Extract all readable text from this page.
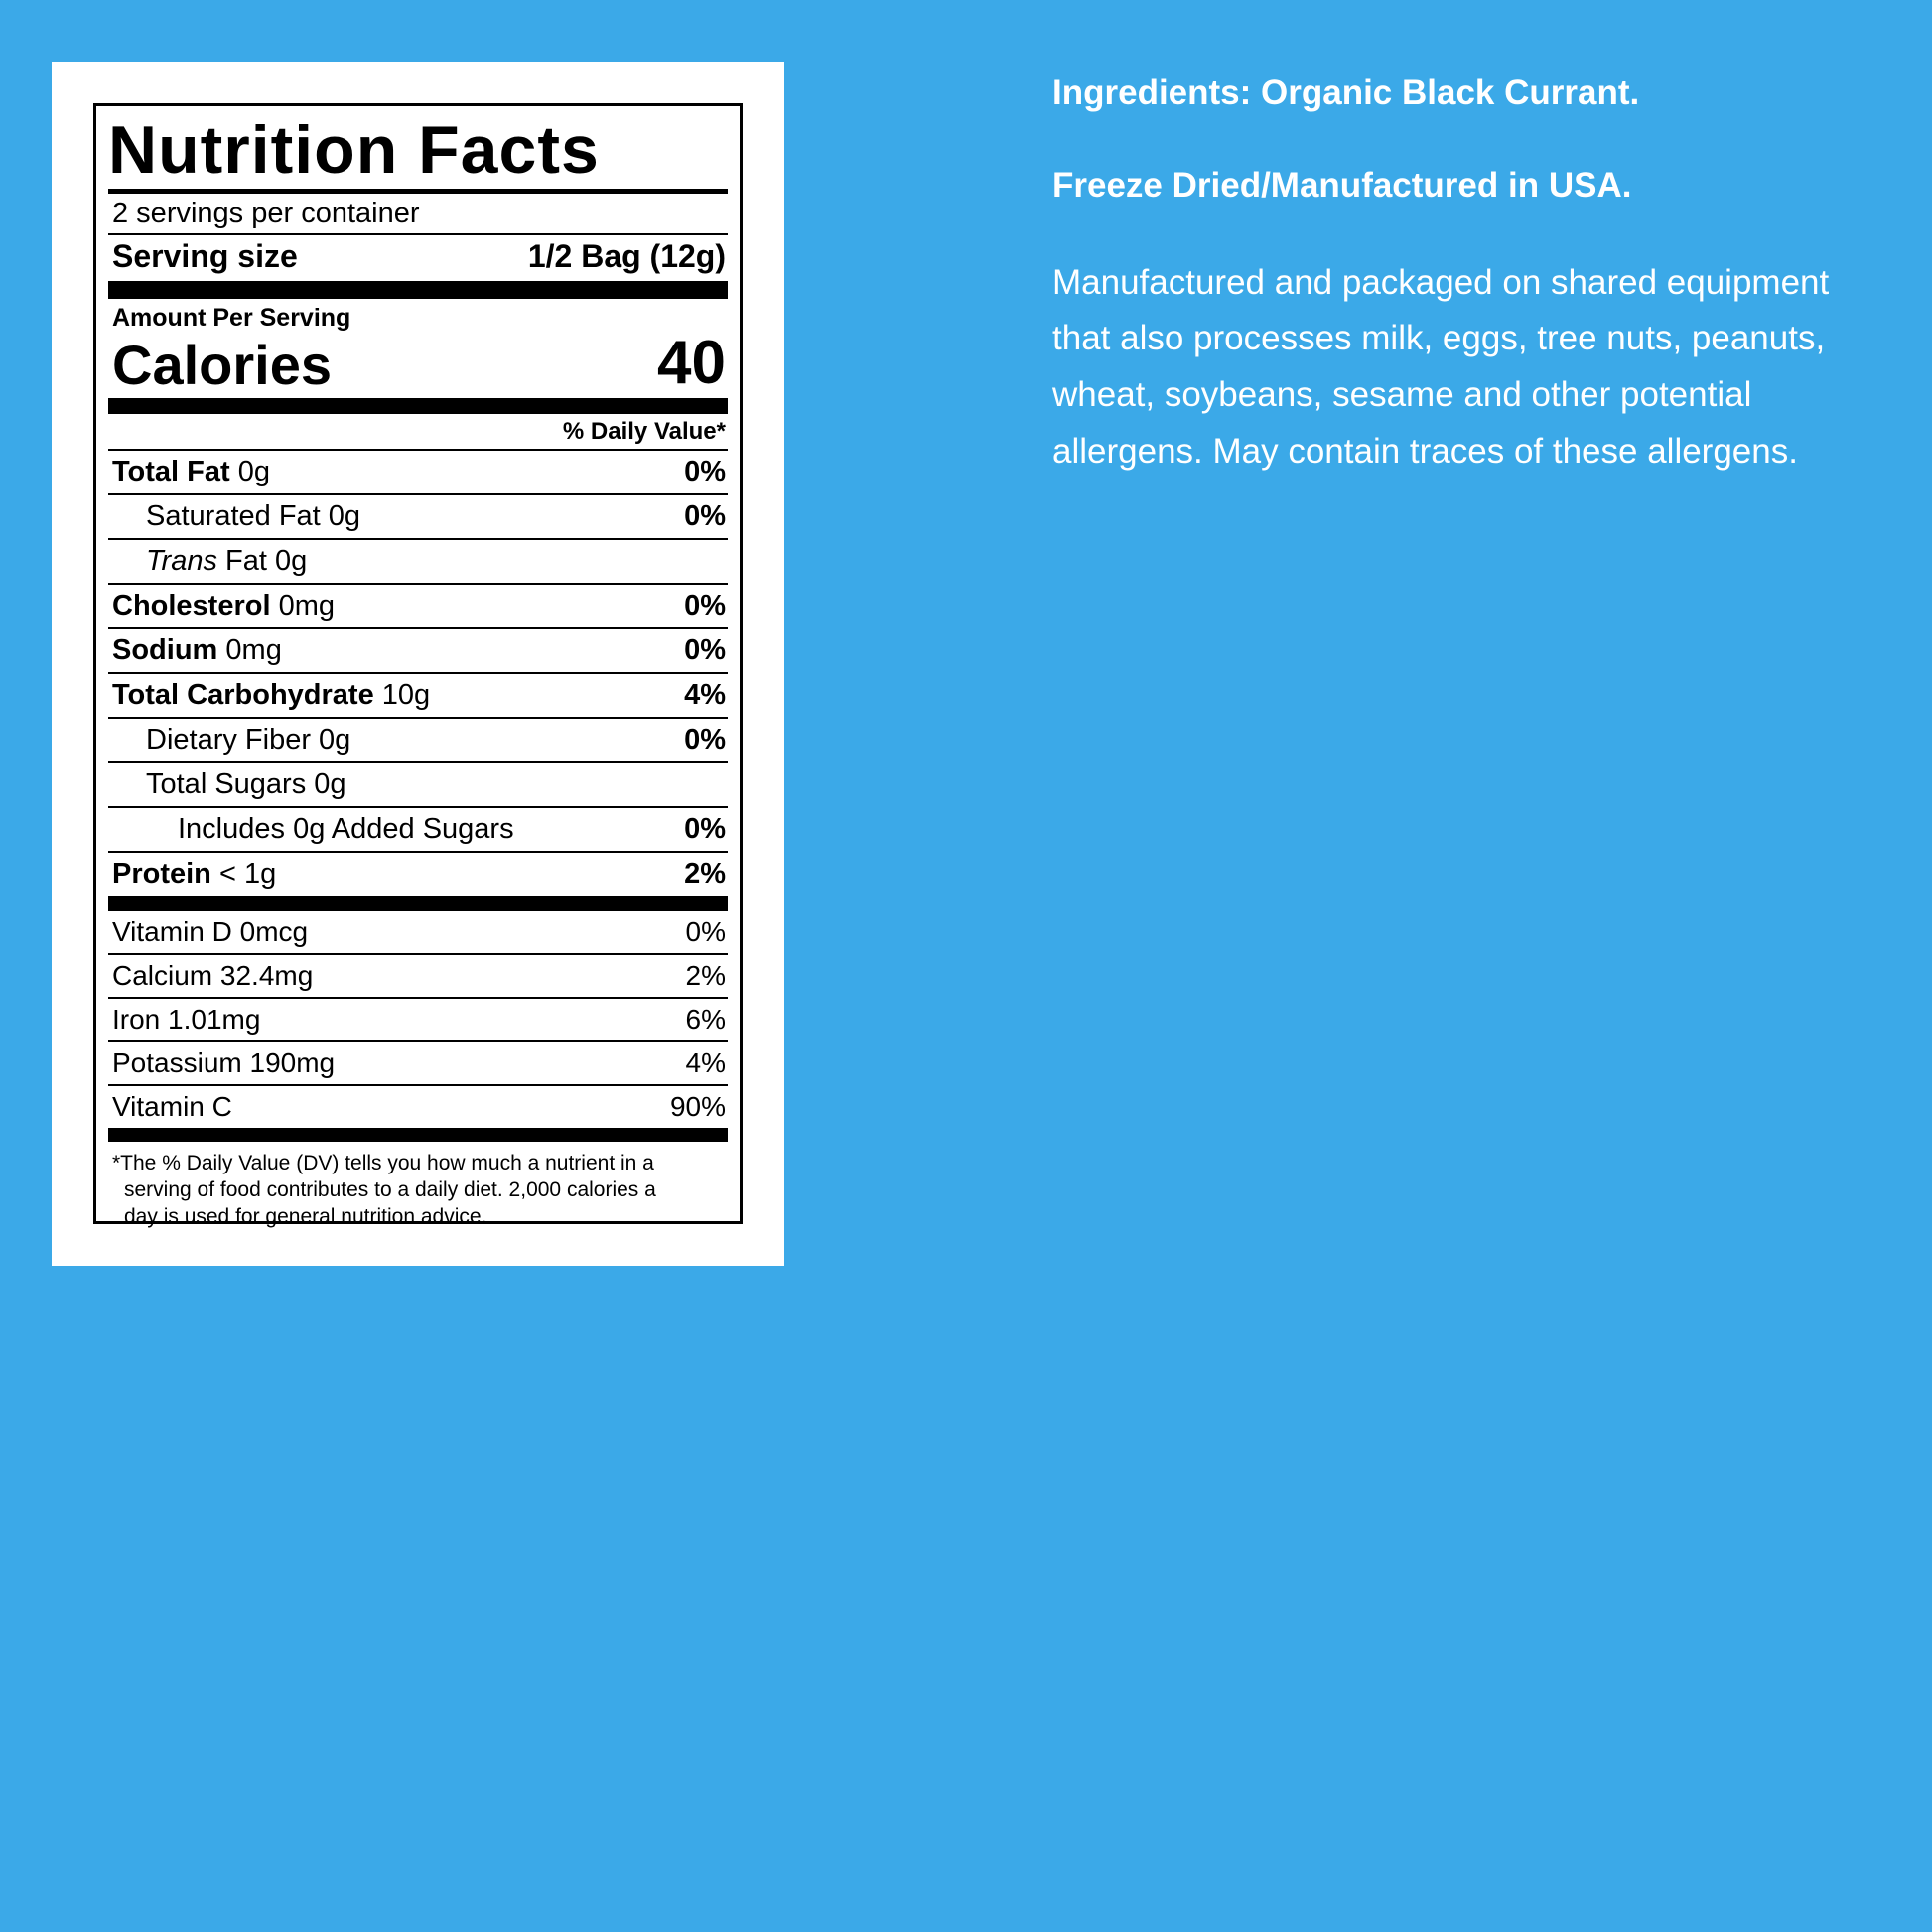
Nutrition Facts
2 servings per container
Serving size	1/2 Bag (12g)
Amount Per Serving
Calories	40
% Daily Value*
Total Fat 0g	0%
Saturated Fat 0g	0%
Trans Fat 0g
Cholesterol 0mg	0%
Sodium 0mg	0%
Total Carbohydrate 10g	4%
Dietary Fiber 0g	0%
Total Sugars 0g
Includes 0g Added Sugars	0%
Protein < 1g	2%
Vitamin D 0mcg	0%
Calcium 32.4mg	2%
Iron 1.01mg	6%
Potassium 190mg	4%
Vitamin C	90%
*The % Daily Value (DV) tells you how much a nutrient in a
serving of food contributes to a daily diet. 2,000 calories a
day is used for general nutrition advice.

Ingredients: Organic Black Currant.

Freeze Dried/Manufactured in USA.

Manufactured and packaged on shared equipment that also processes milk, eggs, tree nuts, peanuts, wheat, soybeans, sesame and other potential allergens. May contain traces of these allergens.
